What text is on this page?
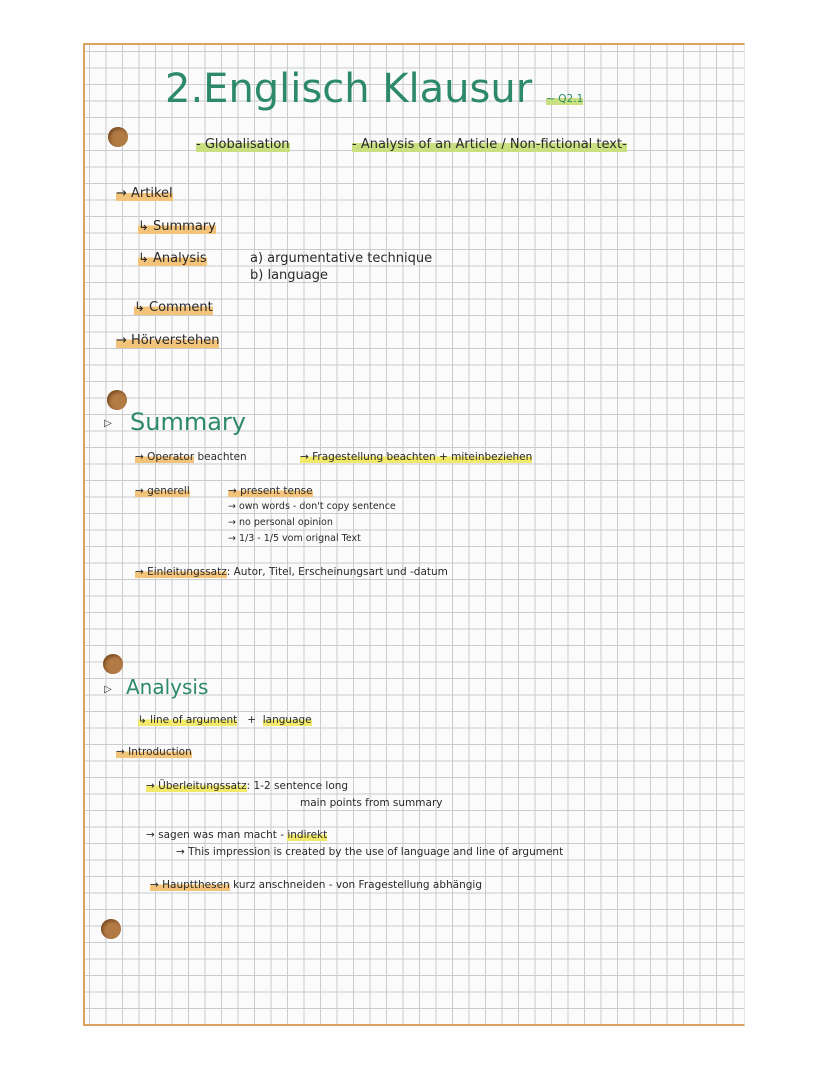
2.Englisch Klausur ~ Q2.1
- Globalisation	- Analysis of an Article / Non-fictional text-
→ Artikel
↳ Summary
↳ Analysis	a) argumentative technique
b) language
↳ Comment
→ Hörverstehen
▷ Summary
→ Operator beachten	→ Fragestellung beachten + miteinbeziehen
→ generell	→ present tense
→ own words - don't copy sentence
→ no personal opinion
→ 1/3 - 1/5 vom orignal Text
→ Einleitungssatz: Autor, Titel, Erscheinungsart und -datum
▷ Analysis
↳ line of argument + language
→ Introduction
→ Überleitungssatz: 1-2 sentence long
main points from summary
→ sagen was man macht - indirekt
→ This impression is created by the use of language and line of argument
→ Hauptthesen kurz anschneiden - von Fragestellung abhängig
